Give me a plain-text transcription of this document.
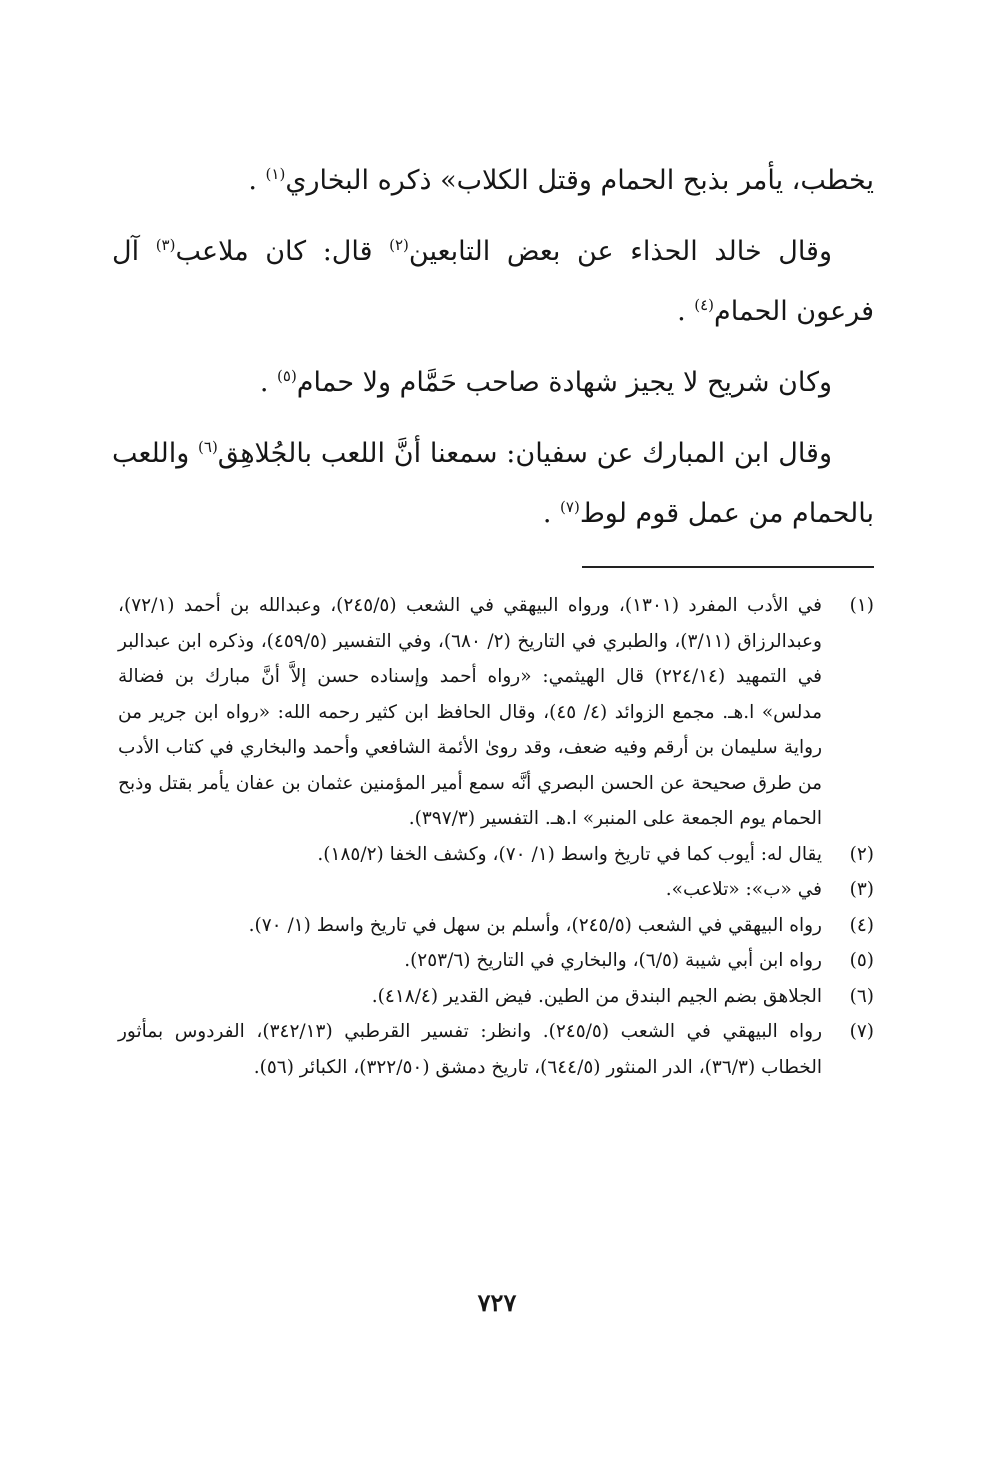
يخطب، يأمر بذبح الحمام وقتل الكلاب» ذكره البخاري$^{(١)}$ .

وقال خالد الحذاء عن بعض التابعين$^{(٢)}$ قال: كان ملاعب$^{(٣)}$ آل فرعون الحمام$^{(٤)}$ .

وكان شريح لا يجيز شهادة صاحب حَمَّام ولا حمام$^{(٥)}$ .

وقال ابن المبارك عن سفيان: سمعنا أنَّ اللعب بالجُلاهِق$^{(٦)}$ واللعب بالحمام من عمل قوم لوط$^{(٧)}$ .

(١)
في الأدب المفرد (١٣٠١)، ورواه البيهقي في الشعب (٢٤٥/٥)، وعبدالله بن أحمد (٧٢/١)، وعبدالرزاق (٣/١١)، والطبري في التاريخ (٢/ ٦٨٠)، وفي التفسير (٤٥٩/٥)، وذكره ابن عبدالبر في التمهيد (٢٢٤/١٤) قال الهيثمي: «رواه أحمد وإسناده حسن إلاَّ أنَّ مبارك بن فضالة مدلس» ا.هـ. مجمع الزوائد (٤/ ٤٥)، وقال الحافظ ابن كثير رحمه الله: «رواه ابن جرير من رواية سليمان بن أرقم وفيه ضعف، وقد روىٰ الأئمة الشافعي وأحمد والبخاري في كتاب الأدب من طرق صحيحة عن الحسن البصري أنَّه سمع أمير المؤمنين عثمان بن عفان يأمر بقتل وذبح الحمام يوم الجمعة على المنبر» ا.هـ. التفسير (٣٩٧/٣).
(٢)
يقال له: أيوب كما في تاريخ واسط (١/ ٧٠)، وكشف الخفا (١٨٥/٢).
(٣)
في «ب»: «تلاعب».
(٤)
رواه البيهقي في الشعب (٢٤٥/٥)، وأسلم بن سهل في تاريخ واسط (١/ ٧٠).
(٥)
رواه ابن أبي شيبة (٦/٥)، والبخاري في التاريخ (٢٥٣/٦).
(٦)
الجلاهق بضم الجيم البندق من الطين. فيض القدير (٤١٨/٤).
(٧)
رواه البيهقي في الشعب (٢٤٥/٥). وانظر: تفسير القرطبي (٣٤٢/١٣)، الفردوس بمأثور الخطاب (٣٦/٣)، الدر المنثور (٦٤٤/٥)، تاريخ دمشق (٣٢٢/٥٠)، الكبائر (٥٦).
٧٢٧
